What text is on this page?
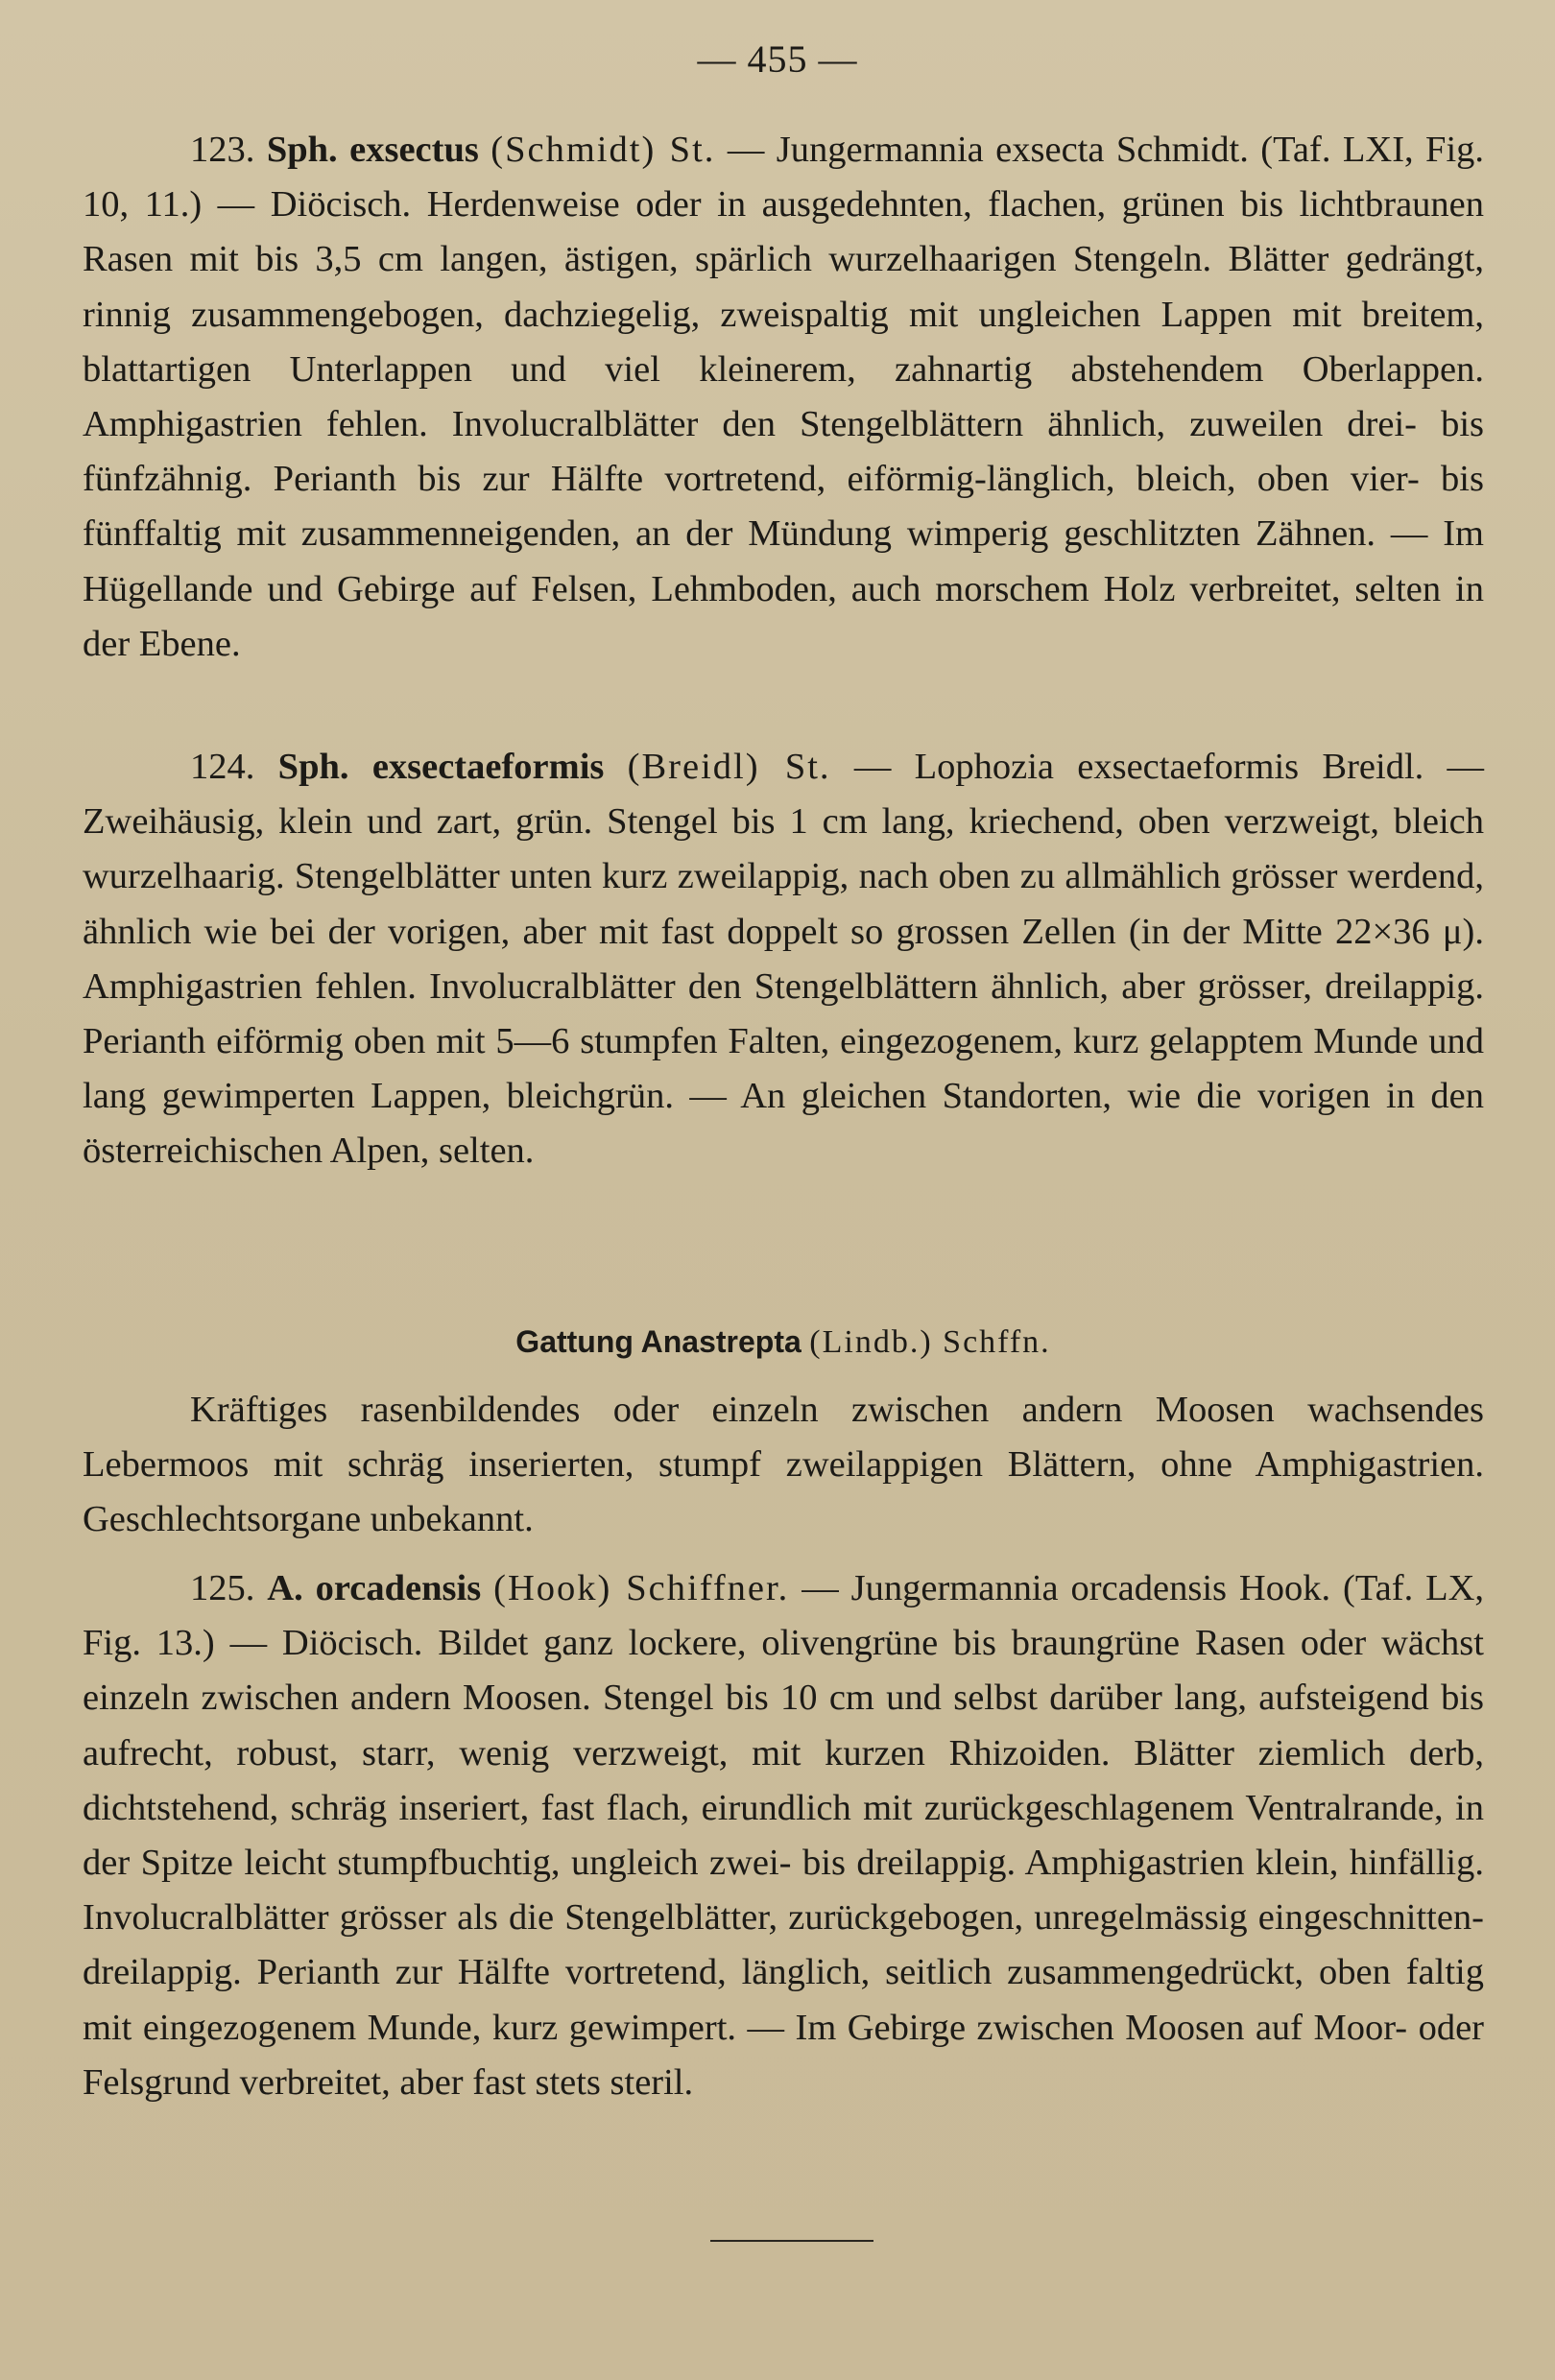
— 455 —

123. Sph. exsectus (Schmidt) St. — Jungermannia exsecta Schmidt. (Taf. LXI, Fig. 10, 11.) — Diöcisch. Herdenweise oder in ausgedehnten, flachen, grünen bis lichtbraunen Rasen mit bis 3,5 cm langen, ästigen, spärlich wurzelhaarigen Stengeln. Blätter gedrängt, rinnig zusammengebogen, dachziegelig, zweispaltig mit ungleichen Lappen mit breitem, blattartigen Unterlappen und viel kleinerem, zahnartig abstehendem Oberlappen. Amphigastrien fehlen. Involucralblätter den Stengelblättern ähnlich, zuweilen drei- bis fünfzähnig. Perianth bis zur Hälfte vortretend, eiförmig-länglich, bleich, oben vier- bis fünffaltig mit zusammenneigenden, an der Mündung wimperig geschlitzten Zähnen. — Im Hügellande und Gebirge auf Felsen, Lehmboden, auch morschem Holz verbreitet, selten in der Ebene.

124. Sph. exsectaeformis (Breidl) St. — Lophozia exsectaeformis Breidl. — Zweihäusig, klein und zart, grün. Stengel bis 1 cm lang, kriechend, oben verzweigt, bleich wurzelhaarig. Stengelblätter unten kurz zweilappig, nach oben zu allmählich grösser werdend, ähnlich wie bei der vorigen, aber mit fast doppelt so grossen Zellen (in der Mitte 22×36 μ). Amphigastrien fehlen. Involucralblätter den Stengelblättern ähnlich, aber grösser, dreilappig. Perianth eiförmig oben mit 5—6 stumpfen Falten, eingezogenem, kurz gelapptem Munde und lang gewimperten Lappen, bleichgrün. — An gleichen Standorten, wie die vorigen in den österreichischen Alpen, selten.

Gattung Anastrepta (Lindb.) Schffn.

Kräftiges rasenbildendes oder einzeln zwischen andern Moosen wachsendes Lebermoos mit schräg inserierten, stumpf zweilappigen Blättern, ohne Amphigastrien. Geschlechtsorgane unbekannt.

125. A. orcadensis (Hook) Schiffner. — Jungermannia orcadensis Hook. (Taf. LX, Fig. 13.) — Diöcisch. Bildet ganz lockere, olivengrüne bis braungrüne Rasen oder wächst einzeln zwischen andern Moosen. Stengel bis 10 cm und selbst darüber lang, aufsteigend bis aufrecht, robust, starr, wenig verzweigt, mit kurzen Rhizoiden. Blätter ziemlich derb, dichtstehend, schräg inseriert, fast flach, eirundlich mit zurückgeschlagenem Ventralrande, in der Spitze leicht stumpfbuchtig, ungleich zwei- bis dreilappig. Amphigastrien klein, hinfällig. Involucralblätter grösser als die Stengelblätter, zurückgebogen, unregelmässig eingeschnitten-dreilappig. Perianth zur Hälfte vortretend, länglich, seitlich zusammengedrückt, oben faltig mit eingezogenem Munde, kurz gewimpert. — Im Gebirge zwischen Moosen auf Moor- oder Felsgrund verbreitet, aber fast stets steril.
